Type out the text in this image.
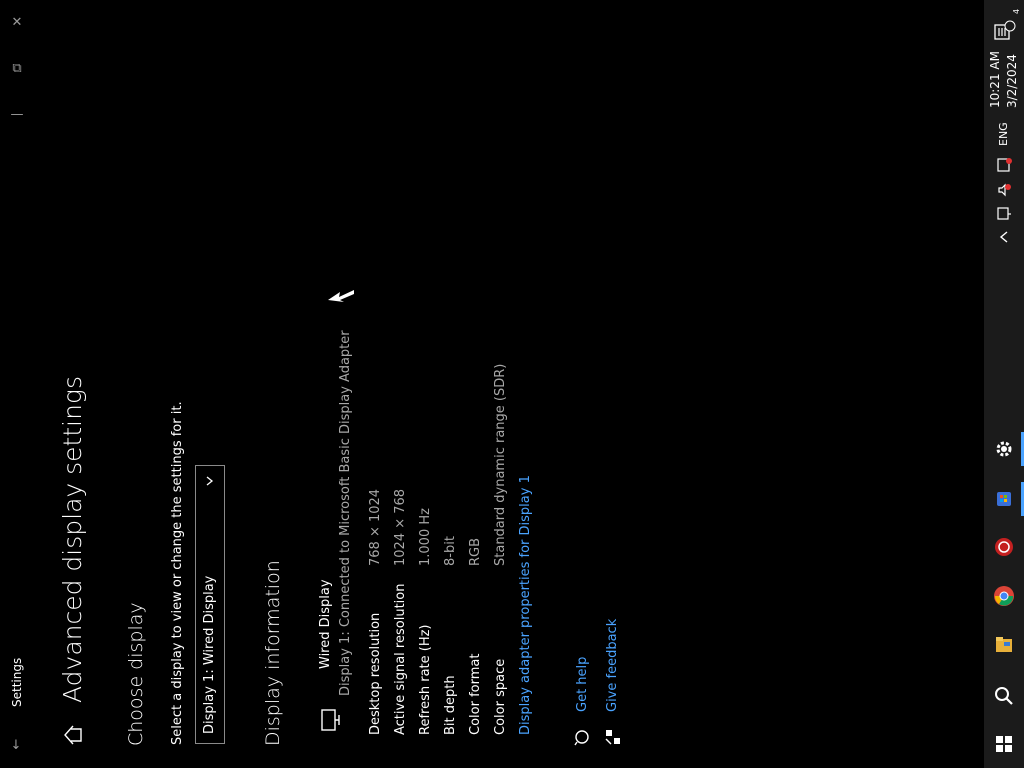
✕
⧉
—
Settings
←
Advanced display settings Choose display Select a display to view or change the settings for it. Display 1: Wired Display Display information	Wired Display Display 1: Connected to Microsoft Basic Display Adapter Desktop resolution
768 × 1024
Active signal resolution
1024 × 768
Refresh rate (Hz)
1.000 Hz
Bit depth
8-bit
Color format
RGB
Color space
Standard dynamic range (SDR)
Display adapter properties for Display 1	Get help Give feedback
4
10:21 AM 3/2/2024
ENG
